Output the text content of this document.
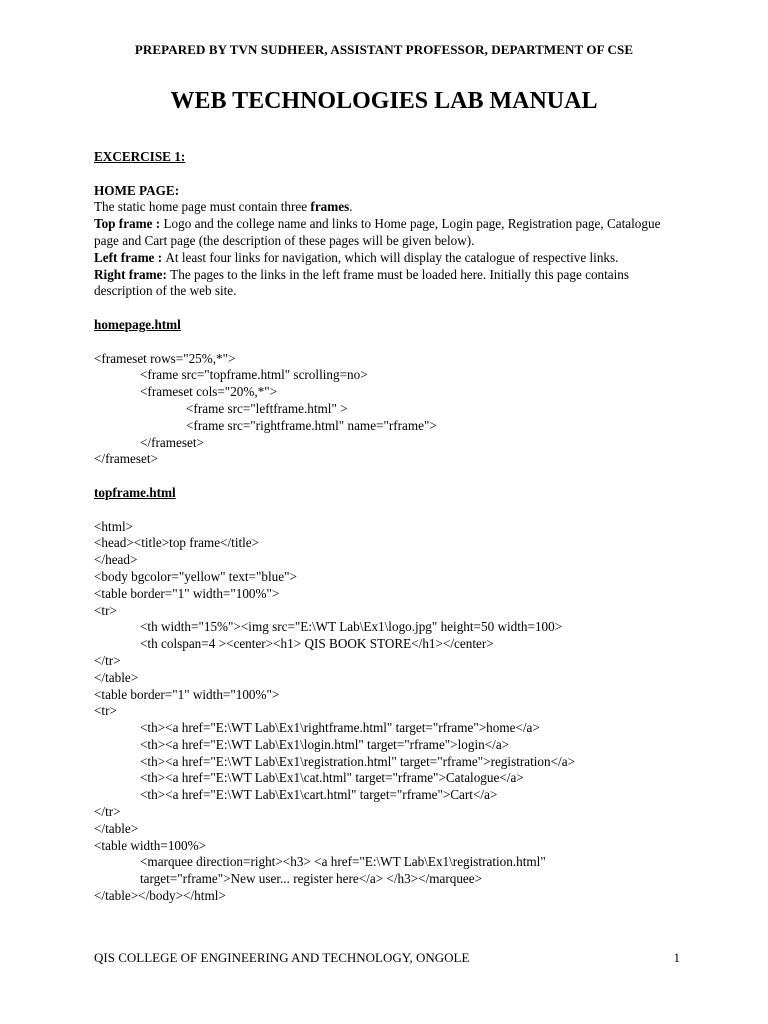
PREPARED BY TVN SUDHEER, ASSISTANT PROFESSOR, DEPARTMENT OF CSE
WEB TECHNOLOGIES LAB MANUAL
EXCERCISE 1:
HOME PAGE:
The static home page must contain three frames.
Top frame : Logo and the college name and links to Home page, Login page, Registration page, Catalogue page and Cart page (the description of these pages will be given below).
Left frame : At least four links for navigation, which will display the catalogue of respective links.
Right frame: The pages to the links in the left frame must be loaded here. Initially this page contains description of the web site.
homepage.html
<frameset rows="25%,*">
<frame src="topframe.html" scrolling=no>
<frameset cols="20%,*">
<frame src="leftframe.html" >
<frame src="rightframe.html" name="rframe">
</frameset>
</frameset>
topframe.html
<html>
<head><title>top frame</title>
</head>
<body bgcolor="yellow" text="blue">
<table border="1" width="100%">
<tr>
<th width="15%"><img src="E:\WT Lab\Ex1\logo.jpg" height=50 width=100>
<th colspan=4 ><center><h1> QIS BOOK STORE</h1></center>
</tr>
</table>
<table border="1" width="100%">
<tr>
<th><a href="E:\WT Lab\Ex1\rightframe.html" target="rframe">home</a>
<th><a href="E:\WT Lab\Ex1\login.html" target="rframe">login</a>
<th><a href="E:\WT Lab\Ex1\registration.html" target="rframe">registration</a>
<th><a href="E:\WT Lab\Ex1\cat.html" target="rframe">Catalogue</a>
<th><a href="E:\WT Lab\Ex1\cart.html" target="rframe">Cart</a>
</tr>
</table>
<table width=100%>
<marquee direction=right><h3> <a href="E:\WT Lab\Ex1\registration.html"
target="rframe">New user... register here</a> </h3></marquee>
</table></body></html>
QIS COLLEGE OF ENGINEERING AND TECHNOLOGY, ONGOLE	1
